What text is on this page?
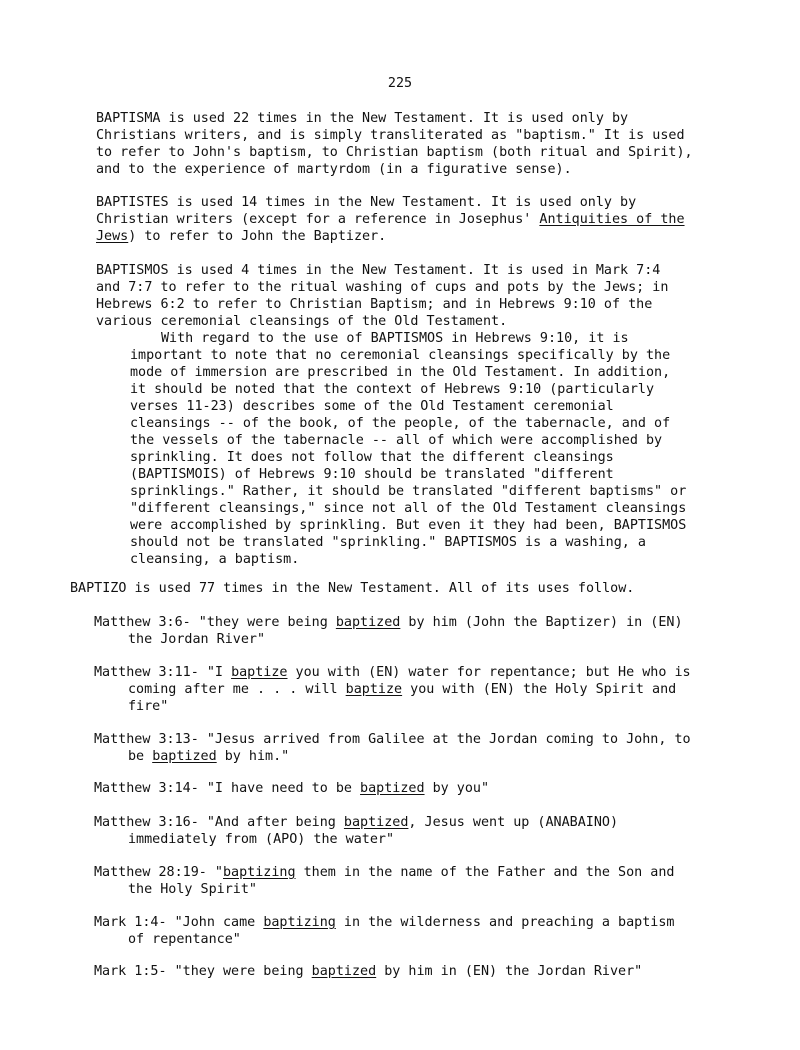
225
BAPTISMA is used 22 times in the New Testament. It is used only by
Christians writers, and is simply transliterated as "baptism." It is used
to refer to John's baptism, to Christian baptism (both ritual and Spirit),
and to the experience of martyrdom (in a figurative sense).
BAPTISTES is used 14 times in the New Testament. It is used only by
Christian writers (except for a reference in Josephus' Antiquities of the
Jews) to refer to John the Baptizer.
BAPTISMOS is used 4 times in the New Testament. It is used in Mark 7:4
and 7:7 to refer to the ritual washing of cups and pots by the Jews; in
Hebrews 6:2 to refer to Christian Baptism; and in Hebrews 9:10 of the
various ceremonial cleansings of the Old Testament.
With regard to the use of BAPTISMOS in Hebrews 9:10, it is
important to note that no ceremonial cleansings specifically by the
mode of immersion are prescribed in the Old Testament. In addition,
it should be noted that the context of Hebrews 9:10 (particularly
verses 11-23) describes some of the Old Testament ceremonial
cleansings -- of the book, of the people, of the tabernacle, and of
the vessels of the tabernacle -- all of which were accomplished by
sprinkling. It does not follow that the different cleansings
(BAPTISMOIS) of Hebrews 9:10 should be translated "different
sprinklings." Rather, it should be translated "different baptisms" or
"different cleansings," since not all of the Old Testament cleansings
were accomplished by sprinkling. But even it they had been, BAPTISMOS
should not be translated "sprinkling." BAPTISMOS is a washing, a
cleansing, a baptism.
BAPTIZO is used 77 times in the New Testament. All of its uses follow.
Matthew 3:6- "they were being baptized by him (John the Baptizer) in (EN)
the Jordan River"
Matthew 3:11- "I baptize you with (EN) water for repentance; but He who is
coming after me . . . will baptize you with (EN) the Holy Spirit and
fire"
Matthew 3:13- "Jesus arrived from Galilee at the Jordan coming to John, to
be baptized by him."
Matthew 3:14- "I have need to be baptized by you"
Matthew 3:16- "And after being baptized, Jesus went up (ANABAINO)
immediately from (APO) the water"
Matthew 28:19- "baptizing them in the name of the Father and the Son and
the Holy Spirit"
Mark 1:4- "John came baptizing in the wilderness and preaching a baptism
of repentance"
Mark 1:5- "they were being baptized by him in (EN) the Jordan River"
